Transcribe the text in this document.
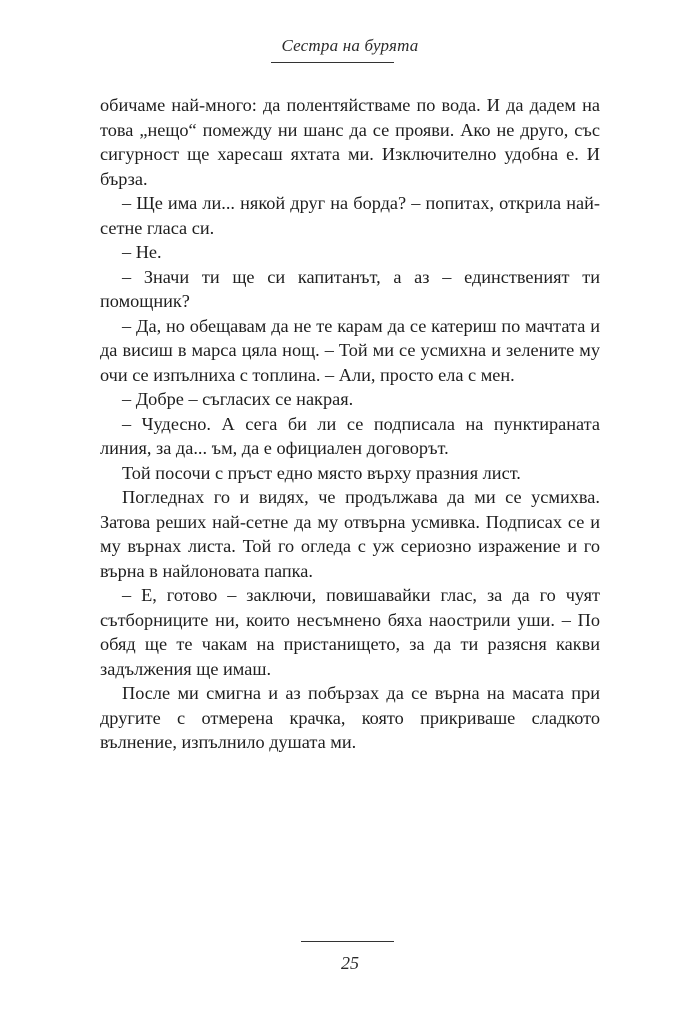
Сестра на бурята

обичаме най-много: да полентяйстваме по вода. И да дадем на това „нещо“ помежду ни шанс да се прояви. Ако не друго, със сигурност ще харесаш яхтата ми. Изключително удобна е. И бърза.

– Ще има ли... някой друг на борда? – попитах, открила най-сетне гласа си.

– Не.

– Значи ти ще си капитанът, а аз – единственият ти помощник?

– Да, но обещавам да не те карам да се катериш по мачтата и да висиш в марса цяла нощ. – Той ми се усмихна и зелените му очи се изпълниха с топлина. – Али, просто ела с мен.

– Добре – съгласих се накрая.

– Чудесно. А сега би ли се подписала на пунктираната линия, за да... ъм, да е официален договорът.

Той посочи с пръст едно място върху празния лист.

Погледнах го и видях, че продължава да ми се усмихва. Затова реших най-сетне да му отвърна усмивка. Подписах се и му върнах листа. Той го огледа с уж сериозно изражение и го върна в найлоновата папка.

– Е, готово – заключи, повишавайки глас, за да го чуят сътборниците ни, които несъмнено бяха наострили уши. – По обяд ще те чакам на пристанището, за да ти разясня какви задължения ще имаш.

После ми смигна и аз побързах да се върна на масата при другите с отмерена крачка, която прикриваше сладкото вълнение, изпълнило душата ми.

25
